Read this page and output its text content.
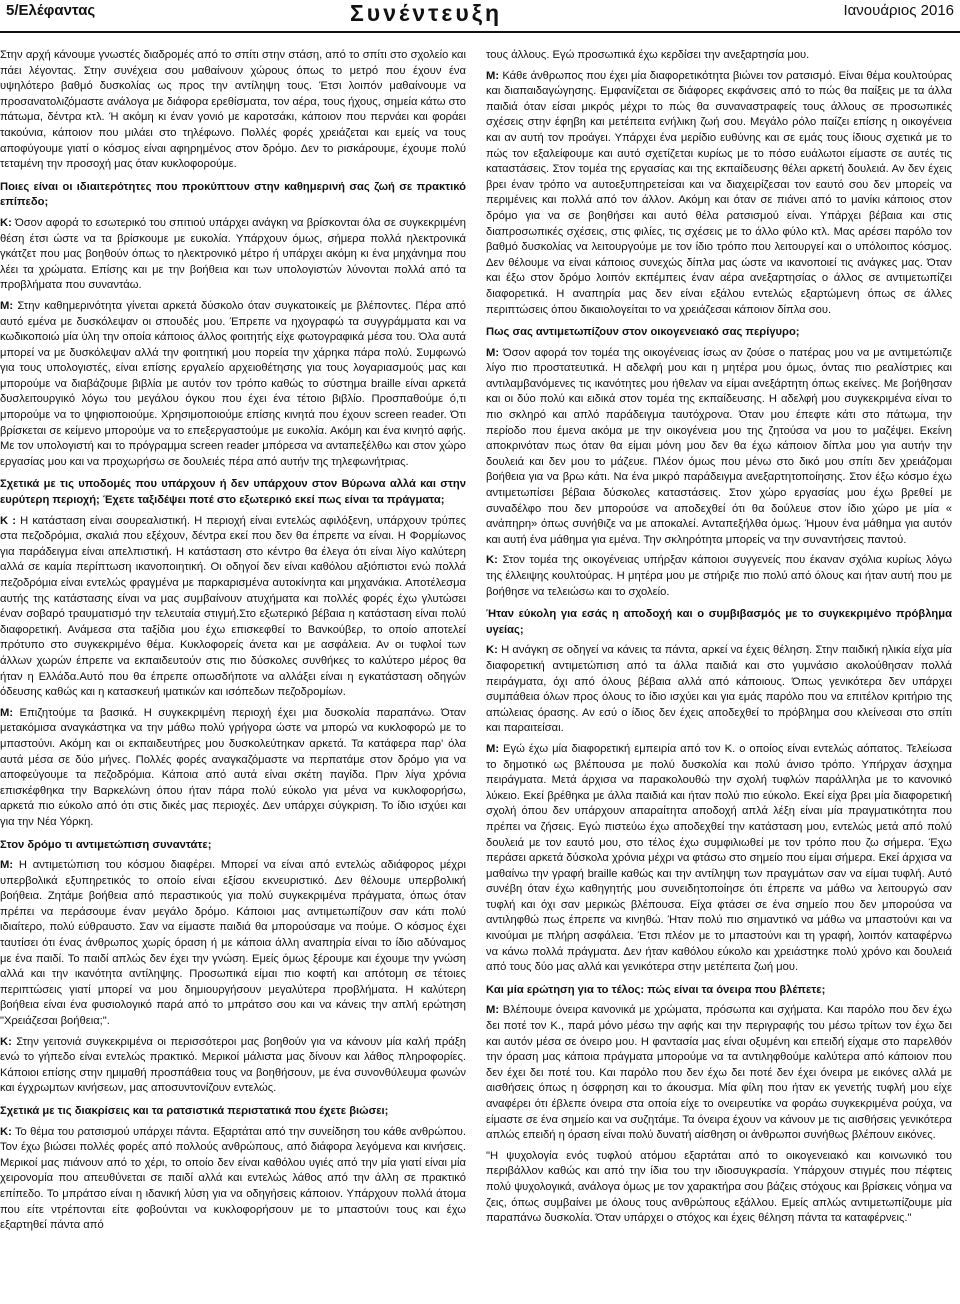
5/Ελέφαντας	Συνέντευξη	Ιανουάριος 2016

Στην αρχή κάνουμε γνωστές διαδρομές από το σπίτι στην στάση, από το σπίτι στο σχολείο και πάει λέγοντας. Στην συνέχεια σου μαθαίνουν χώρους όπως το μετρό που έχουν ένα υψηλότερο βαθμό δυσκολίας ως προς την αντίληψη τους. Έτσι λοιπόν μαθαίνουμε να προσανατολιζόμαστε ανάλογα με διάφορα ερεθίσματα, τον αέρα, τους ήχους, σημεία κάτω στο πάτωμα, δέντρα κτλ. Ή ακόμη κι έναν γονιό με καροτσάκι, κάποιον που περνάει και φοράει τακούνια, κάποιον που μιλάει στο τηλέφωνο. Πολλές φορές χρειάζεται και εμείς να τους αποφύγουμε γιατί ο κόσμος είναι αφηρημένος στον δρόμο. Δεν το ρισκάρουμε, έχουμε πολύ τεταμένη την προσοχή μας όταν κυκλοφορούμε.

Ποιες είναι οι ιδιαιτερότητες που προκύπτουν στην καθημερινή σας ζωή σε πρακτικό επίπεδο;

Κ: Όσον αφορά το εσωτερικό του σπιτιού υπάρχει ανάγκη να βρίσκονται όλα σε συγκεκριμένη θέση έτσι ώστε να τα βρίσκουμε με ευκολία. Υπάρχουν όμως, σήμερα πολλά ηλεκτρονικά γκάτζετ που μας βοηθούν όπως το ηλεκτρονικό μέτρο ή υπάρχει ακόμη κι ένα μηχάνημα που λέει τα χρώματα. Επίσης και με την βοήθεια και των υπολογιστών λύνονται πολλά από τα προβλήματα που συναντάω.

Μ: Στην καθημερινότητα γίνεται αρκετά δύσκολο όταν συγκατοικείς με βλέποντες. Πέρα από αυτό εμένα με δυσκόλεψαν οι σπουδές μου. Έπρεπε να ηχογραφώ τα συγγράμματα και να κωδικοποιώ μία ύλη την οποία κάποιος άλλος φοιτητής είχε φωτογραφικά μέσα του. Όλα αυτά μπορεί να με δυσκόλεψαν αλλά την φοιτητική μου πορεία την χάρηκα πάρα πολύ. Συμφωνώ για τους υπολογιστές, είναι επίσης εργαλείο αρχειοθέτησης για τους λογαριασμούς μας και μπορούμε να διαβάζουμε βιβλία με αυτόν τον τρόπο καθώς το σύστημα braille είναι αρκετά δυσλειτουργικό λόγω του μεγάλου όγκου που έχει ένα τέτοιο βιβλίο. Προσπαθούμε ό,τι μπορούμε να το ψηφιοποιούμε. Χρησιμοποιούμε επίσης κινητά που έχουν screen reader. Ότι βρίσκεται σε κείμενο μπορούμε να το επεξεργαστούμε με ευκολία. Ακόμη και ένα κινητό αφής. Με τον υπολογιστή και το πρόγραμμα screen reader μπόρεσα να ανταπεξέλθω και στον χώρο εργασίας μου και να προχωρήσω σε δουλειές πέρα από αυτήν της τηλεφωνήτριας.

Σχετικά με τις υποδομές που υπάρχουν ή δεν υπάρχουν στον Βύρωνα αλλά και στην ευρύτερη περιοχή; Έχετε ταξιδέψει ποτέ στο εξωτερικό εκεί πως είναι τα πράγματα;

Κ : Η κατάσταση είναι σουρεαλιστική. Η περιοχή είναι εντελώς αφιλόξενη, υπάρχουν τρύπες στα πεζοδρόμια, σκαλιά που εξέχουν, δέντρα εκεί που δεν θα έπρεπε να είναι. Η Φορμίωνος για παράδειγμα είναι απελπιστική. Η κατάσταση στο κέντρο θα έλεγα ότι είναι λίγο καλύτερη αλλά σε καμία περίπτωση ικανοποιητική. Οι οδηγοί δεν είναι καθόλου αξιόπιστοι ενώ πολλά πεζοδρόμια είναι εντελώς φραγμένα με παρκαρισμένα αυτοκίνητα και μηχανάκια. Αποτέλεσμα αυτής της κατάστασης είναι να μας συμβαίνουν ατυχήματα και πολλές φορές έχω γλυτώσει έναν σοβαρό τραυματισμό την τελευταία στιγμή.Στο εξωτερικό βέβαια η κατάσταση είναι πολύ διαφορετική. Ανάμεσα στα ταξίδια μου έχω επισκεφθεί το Βανκούβερ, το οποίο αποτελεί πρότυπο στο συγκεκριμένο θέμα. Κυκλοφορείς άνετα και με ασφάλεια. Αν οι τυφλοί των άλλων χωρών έπρεπε να εκπαιδευτούν στις πιο δύσκολες συνθήκες το καλύτερο μέρος θα ήταν η Ελλάδα.Αυτό που θα έπρεπε οπωσδήποτε να αλλάξει είναι η εγκατάσταση οδηγών όδευσης καθώς και η κατασκευή ιματικών και ισόπεδων πεζοδρομίων.

Μ: Επιζητούμε τα βασικά. Η συγκεκριμένη περιοχή έχει μια δυσκολία παραπάνω. Όταν μετακόμισα αναγκάστηκα να την μάθω πολύ γρήγορα ώστε να μπορώ να κυκλοφορώ με το μπαστούνι. Ακόμη και οι εκπαιδευτήρες μου δυσκολεύτηκαν αρκετά. Τα κατάφερα παρ' όλα αυτά μέσα σε δύο μήνες. Πολλές φορές αναγκαζόμαστε να περπατάμε στον δρόμο για να αποφεύγουμε τα πεζοδρόμια. Κάποια από αυτά είναι σκέτη παγίδα. Πριν λίγα χρόνια επισκέφθηκα την Βαρκελώνη όπου ήταν πάρα πολύ εύκολο για μένα να κυκλοφορήσω, αρκετά πιο εύκολο από ότι στις δικές μας περιοχές. Δεν υπάρχει σύγκριση. Το ίδιο ισχύει και για την Νέα Υόρκη.

Στον δρόμο τι αντιμετώπιση συναντάτε;

Μ: Η αντιμετώπιση του κόσμου διαφέρει. Μπορεί να είναι από εντελώς αδιάφορος μέχρι υπερβολικά εξυπηρετικός το οποίο είναι εξίσου εκνευριστικό. Δεν θέλουμε υπερβολική βοήθεια. Ζητάμε βοήθεια από περαστικούς για πολύ συγκεκριμένα πράγματα, όπως όταν πρέπει να περάσουμε έναν μεγάλο δρόμο. Κάποιοι μας αντιμετωπίζουν σαν κάτι πολύ ιδιαίτερο, πολύ εύθραυστο. Σαν να είμαστε παιδιά θα μπορούσαμε να πούμε. Ο κόσμος έχει ταυτίσει ότι ένας άνθρωπος χωρίς όραση ή με κάποια άλλη αναπηρία είναι το ίδιο αδύναμος με ένα παιδί. Το παιδί απλώς δεν έχει την γνώση. Εμείς όμως ξέρουμε και έχουμε την γνώση αλλά και την ικανότητα αντίληψης. Προσωπικά είμαι πιο κοφτή και απότομη σε τέτοιες περιπτώσεις γιατί μπορεί να μου δημιουργήσουν μεγαλύτερα προβλήματα. Η καλύτερη βοήθεια είναι ένα φυσιολογικό παρά από το μπράτσο σου και να κάνεις την απλή ερώτηση "Χρειάζεσαι βοήθεια;".

Κ: Στην γειτονιά συγκεκριμένα οι περισσότεροι μας βοηθούν για να κάνουν μία καλή πράξη ενώ το γήπεδο είναι εντελώς πρακτικό. Μερικοί μάλιστα μας δίνουν και λάθος πληροφορίες. Κάποιοι επίσης στην ημιμαθή προσπάθεια τους να βοηθήσουν, με ένα συνονθύλευμα φωνών και έγχρωμτων κινήσεων, μας αποσυντονίζουν εντελώς.

Σχετικά με τις διακρίσεις και τα ρατσιστικά περιστατικά που έχετε βιώσει;

Κ: Το θέμα του ρατσισμού υπάρχει πάντα. Εξαρτάται από την συνείδηση του κάθε ανθρώπου. Τον έχω βιώσει πολλές φορές από πολλούς ανθρώπους, από διάφορα λεγόμενα και κινήσεις. Μερικοί μας πιάνουν από το χέρι, το οποίο δεν είναι καθόλου υγιές από την μία γιατί είναι μία χειρονομία που απευθύνεται σε παιδί αλλά και εντελώς λάθος από την άλλη σε πρακτικό επίπεδο. Το μπράτσο είναι η ιδανική λύση για να οδηγήσεις κάποιον. Υπάρχουν πολλά άτομα που είτε ντρέπονται είτε φοβούνται να κυκλοφορήσουν με το μπαστούνι τους και έχω εξαρτηθεί πάντα από

τους άλλους. Εγώ προσωπικά έχω κερδίσει την ανεξαρτησία μου.

Μ: Κάθε άνθρωπος που έχει μία διαφορετικότητα βιώνει τον ρατσισμό. Είναι θέμα κουλτούρας και διαπαιδαγώγησης. Εμφανίζεται σε διάφορες εκφάνσεις από το πώς θα παίξεις με τα άλλα παιδιά όταν είσαι μικρός μέχρι το πώς θα συναναστραφείς τους άλλους σε προσωπικές σχέσεις στην έφηβη και μετέπειτα ενήλικη ζωή σου. Μεγάλο ρόλο παίζει επίσης η οικογένεια και αν αυτή τον προάγει. Υπάρχει ένα μερίδιο ευθύνης και σε εμάς τους ίδιους σχετικά με το πώς τον εξαλείφουμε και αυτό σχετίζεται κυρίως με το πόσο ευάλωτοι είμαστε σε αυτές τις καταστάσεις. Στον τομέα της εργασίας και της εκπαίδευσης θέλει αρκετή δουλειά. Αν δεν έχεις βρει έναν τρόπο να αυτοεξυπηρετείσαι και να διαχειρίζεσαι τον εαυτό σου δεν μπορείς να περιμένεις και πολλά από τον άλλον. Ακόμη και όταν σε πιάνει από το μανίκι κάποιος στον δρόμο για να σε βοηθήσει και αυτό θέλα ρατσισμού είναι. Υπάρχει βέβαια και στις διαπροσωπικές σχέσεις, στις φιλίες, τις σχέσεις με το άλλο φύλο κτλ. Μας αρέσει παρόλο τον βαθμό δυσκολίας να λειτουργούμε με τον ίδιο τρόπο που λειτουργεί και ο υπόλοιπος κόσμος. Δεν θέλουμε να είναι κάποιος συνεχώς δίπλα μας ώστε να ικανοποιεί τις ανάγκες μας. Όταν και έξω στον δρόμο λοιπόν εκπέμπεις έναν αέρα ανεξαρτησίας ο άλλος σε αντιμετωπίζει διαφορετικά. Η αναπηρία μας δεν είναι εξάλου εντελώς εξαρτώμενη όπως σε άλλες περιπτώσεις όπου δικαιολογείται το να χρειάζεσαι κάποιον δίπλα σου.

Πως σας αντιμετωπίζουν στον οικογενειακό σας περίγυρο;

Μ: Όσον αφορά τον τομέα της οικογένειας ίσως αν ζούσε ο πατέρας μου να με αντιμετώπιζε λίγο πιο προστατευτικά. Η αδελφή μου και η μητέρα μου όμως, όντας πιο ρεαλίστριες και αντιλαμβανόμενες τις ικανότητες μου ήθελαν να είμαι ανεξάρτητη όπως εκείνες. Με βοήθησαν και οι δύο πολύ και ειδικά στον τομέα της εκπαίδευσης. Η αδελφή μου συγκεκριμένα είναι το πιο σκληρό και απλό παράδειγμα ταυτόχρονα. Όταν μου έπεφτε κάτι στο πάτωμα, την περίοδο που έμενα ακόμα με την οικογένεια μου της ζητούσα να μου το μαζέψει. Εκείνη αποκρινόταν πως όταν θα είμαι μόνη μου δεν θα έχω κάποιον δίπλα μου για αυτήν την δουλειά και δεν μου το μάζευε. Πλέον όμως που μένω στο δικό μου σπίτι δεν χρειάζομαι βοήθεια για να βρω κάτι. Να ένα μικρό παράδειγμα ανεξαρτητοποίησης. Στον έξω κόσμο έχω αντιμετωπίσει βέβαια δύσκολες καταστάσεις. Στον χώρο εργασίας μου έχω βρεθεί με συναδέλφο που δεν μπορούσε να αποδεχθεί ότι θα δούλευε στον ίδιο χώρο με μία « ανάπηρη» όπως συνήθιζε να με αποκαλεί. Ανταπεξήλθα όμως. Ήμουν ένα μάθημα για αυτόν και αυτή ένα μάθημα για εμένα. Την σκληρότητα μπορείς να την συναντήσεις παντού.

Κ: Στον τομέα της οικογένειας υπήρξαν κάποιοι συγγενείς που έκαναν σχόλια κυρίως λόγω της έλλειψης κουλτούρας. Η μητέρα μου με στήριξε πιο πολύ από όλους και ήταν αυτή που με βοήθησε να τελειώσω και το σχολείο.

Ήταν εύκολη για εσάς η αποδοχή και ο συμβιβασμός με το συγκεκριμένο πρόβλημα υγείας;

Κ: Η ανάγκη σε οδηγεί να κάνεις τα πάντα, αρκεί να έχεις θέληση. Στην παιδική ηλικία είχα μία διαφορετική αντιμετώπιση από τα άλλα παιδιά και στο γυμνάσιο ακολούθησαν πολλά πειράγματα, όχι από όλους βέβαια αλλά από κάποιους. Όπως γενικότερα δεν υπάρχει συμπάθεια όλων προς όλους το ίδιο ισχύει και για εμάς παρόλο που να επιτέλον κριτήριο της απώλειας όρασης. Αν εσύ ο ίδιος δεν έχεις αποδεχθεί το πρόβλημα σου κλείνεσαι στο σπίτι και παραιτείσαι.

Μ: Εγώ έχω μία διαφορετική εμπειρία από τον Κ. ο οποίος είναι εντελώς αόπατος. Τελείωσα το δημοτικό ως βλέπουσα με πολύ δυσκολία και πολύ άνισο τρόπο. Υπήρχαν άσχημα πειράγματα. Μετά άρχισα να παρακολουθώ την σχολή τυφλών παράλληλα με το κανονικό λύκειο. Εκεί βρέθηκα με άλλα παιδιά και ήταν πολύ πιο εύκολο. Εκεί είχα βρει μία διαφορετική σχολή όπου δεν υπάρχουν απαραίτητα αποδοχή απλά λέξη είναι μία πραγματικότητα που πρέπει να ζήσεις. Εγώ πιστεύω έχω αποδεχθεί την κατάσταση μου, εντελώς μετά από πολύ δουλειά με τον εαυτό μου, στο τέλος έχω συμφιλιωθεί με τον τρόπο που ζω σήμερα. Έχω περάσει αρκετά δύσκολα χρόνια μέχρι να φτάσω στο σημείο που είμαι σήμερα. Εκεί άρχισα να μαθαίνω την γραφή braille καθώς και την αντίληψη των πραγμάτων σαν να είμαι τυφλή. Αυτό συνέβη όταν έχω καθηγητής μου συνειδητοποίησε ότι έπρεπε να μάθω να λειτουργώ σαν τυφλή και όχι σαν μερικώς βλέπουσα. Είχα φτάσει σε ένα σημείο που δεν μπορούσα να αντιληφθώ πως έπρεπε να κινηθώ. Ήταν πολύ πιο σημαντικό να μάθω να μπαστούνι και να κινούμαι με πλήρη ασφάλεια. Έτσι πλέον με το μπαστούνι και τη γραφή, λοιπόν καταφέρνω να κάνω πολλά πράγματα. Δεν ήταν καθόλου εύκολο και χρειάστηκε πολύ χρόνο και δουλειά από τους δύο μας αλλά και γενικότερα στην μετέπειτα ζωή μου.

Και μία ερώτηση για το τέλος: πώς είναι τα όνειρα που βλέπετε;

Μ: Βλέπουμε όνειρα κανονικά με χρώματα, πρόσωπα και σχήματα. Και παρόλο που δεν έχω δει ποτέ τον Κ., παρά μόνο μέσω την αφής και την περιγραφής του μέσω τρίτων τον έχω δει και αυτόν μέσα σε όνειρο μου. Η φαντασία μας είναι οξυμένη και επειδή είχαμε στο παρελθόν την όραση μας κάποια πράγματα μπορούμε να τα αντιληφθούμε καλύτερα από κάποιον που δεν έχει δει ποτέ του. Και παρόλο που δεν έχω δει ποτέ δεν έχει όνειρα με εικόνες αλλά με αισθήσεις όπως η όσφρηση και το άκουσμα. Μία φίλη που ήταν εκ γενετής τυφλή μου είχε αναφέρει ότι έβλεπε όνειρα στα οποία είχε το ονειρευτίκε να φοράω συγκεκριμένα ρούχα, να είμαστε σε ένα σημείο και να συζητάμε. Τα όνειρα έχουν να κάνουν με τις αισθήσεις γενικότερα απλώς επειδή η όραση είναι πολύ δυνατή αίσθηση οι άνθρωποι συνήθως βλέπουν εικόνες.

"Η ψυχολογία ενός τυφλού ατόμου εξαρτάται από το οικογενειακό και κοινωνικό του περιβάλλον καθώς και από την ίδια του την ιδιοσυγκρασία. Υπάρχουν στιγμές που πέφτεις πολύ ψυχολογικά, ανάλογα όμως με τον χαρακτήρα σου βάζεις στόχους και βρίσκεις νόημα να ζεις, όπως συμβαίνει με όλους τους ανθρώπους εξάλλου. Εμείς απλώς αντιμετωπίζουμε μία παραπάνω δυσκολία. Όταν υπάρχει ο στόχος και έχεις θέληση πάντα τα καταφέρνεις."
